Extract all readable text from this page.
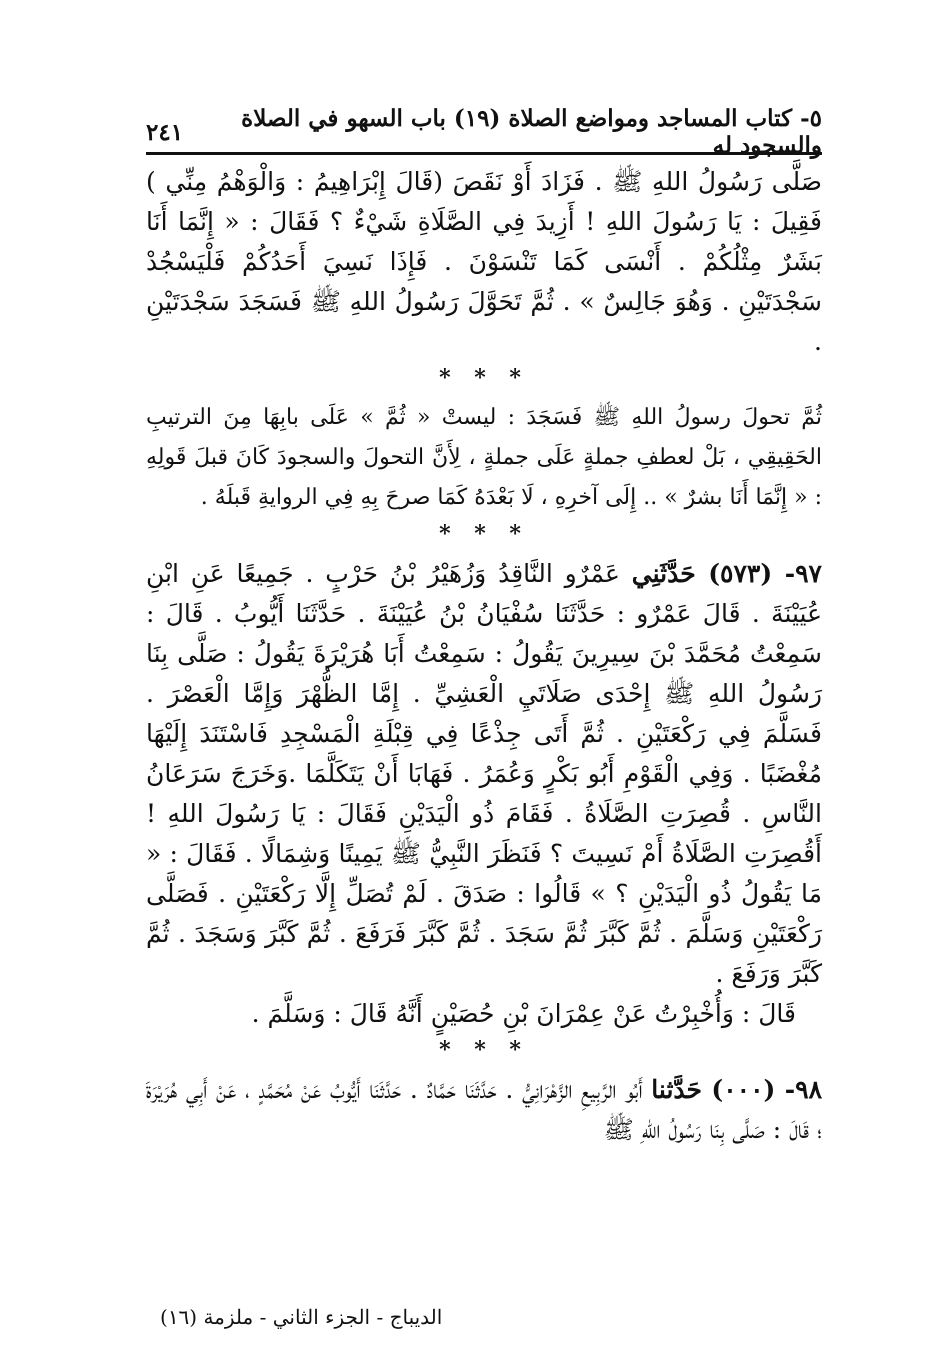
٥- كتاب المساجد ومواضع الصلاة (١٩) باب السهو في الصلاة والسجود له
٢٤١

صَلَّى رَسُولُ اللهِ ﷺ . فَزَادَ أَوْ نَقَصَ (قَالَ إِبْرَاهِيمُ : وَالْوَهْمُ مِنِّي ) فَقِيلَ : يَا رَسُولَ اللهِ ! أَزِيدَ فِي الصَّلَاةِ شَيْءٌ ؟ فَقَالَ : « إِنَّمَا أَنَا بَشَرٌ مِثْلُكُمْ . أَنْسَى كَمَا تَنْسَوْنَ . فَإِذَا نَسِيَ أَحَدُكُمْ فَلْيَسْجُدْ سَجْدَتَيْنِ . وَهُوَ جَالِسٌ » . ثُمَّ تَحَوَّلَ رَسُولُ اللهِ ﷺ فَسَجَدَ سَجْدَتَيْنِ .

* * *

ثُمَّ تحولَ رسولُ اللهِ ﷺ فَسَجَدَ : ليستْ « ثُمَّ » عَلَى بابِهَا مِنَ الترتيبِ الحَقِيقِي ، بَلْ لعطفِ جملةٍ عَلَى جملةٍ ، لِأَنَّ التحولَ والسجودَ كَانَ قبلَ قَولِهِ : « إِنَّمَا أَنَا بشرٌ » .. إِلَى آخرِهِ ، لَا بَعْدَهُ كَمَا صرحَ بِهِ فِي الروايةِ قَبلَهُ .

* * *

٩٧- (٥٧٣) حَدَّثَنِي عَمْرٌو النَّاقِدُ وَزُهَيْرُ بْنُ حَرْبٍ . جَمِيعًا عَنِ ابْنِ عُيَيْنَةَ . قَالَ عَمْرٌو : حَدَّثَنَا سُفْيَانُ بْنُ عُيَيْنَةَ . حَدَّثَنَا أَيُّوبُ . قَالَ : سَمِعْتُ مُحَمَّدَ بْنَ سِيرِينَ يَقُولُ : سَمِعْتُ أَبَا هُرَيْرَةَ يَقُولُ : صَلَّى بِنَا رَسُولُ اللهِ ﷺ إِحْدَى صَلَاتَيِ الْعَشِيِّ . إِمَّا الظُّهْرَ وَإِمَّا الْعَصْرَ . فَسَلَّمَ فِي رَكْعَتَيْنِ . ثُمَّ أَتَى جِذْعًا فِي قِبْلَةِ الْمَسْجِدِ فَاسْتَنَدَ إِلَيْهَا مُغْضَبًا . وَفِي الْقَوْمِ أَبُو بَكْرٍ وَعُمَرُ . فَهَابَا أَنْ يَتَكَلَّمَا .وَخَرَجَ سَرَعَانُ النَّاسِ . قُصِرَتِ الصَّلَاةُ . فَقَامَ ذُو الْيَدَيْنِ فَقَالَ : يَا رَسُولَ اللهِ ! أَقُصِرَتِ الصَّلَاةُ أَمْ نَسِيتَ ؟ فَنَظَرَ النَّبِيُّ ﷺ يَمِينًا وَشِمَالًا . فَقَالَ : « مَا يَقُولُ ذُو الْيَدَيْنِ ؟ » قَالُوا : صَدَقَ . لَمْ تُصَلِّ إِلَّا رَكْعَتَيْنِ . فَصَلَّى رَكْعَتَيْنِ وَسَلَّمَ . ثُمَّ كَبَّرَ ثُمَّ سَجَدَ . ثُمَّ كَبَّرَ فَرَفَعَ . ثُمَّ كَبَّرَ وَسَجَدَ . ثُمَّ كَبَّرَ وَرَفَعَ .

قَالَ : وَأُخْبِرْتُ عَنْ عِمْرَانَ بْنِ حُصَيْنٍ أَنَّهُ قَالَ : وَسَلَّمَ .

* * *

٩٨- (٠٠٠) حَدَّثنا أَبُو الرَّبِيعِ الزَّهْرَانِيُّ . حَدَّثَنَا حَمَّادٌ . حَدَّثَنَا أَيُّوبُ عَنْ مُحَمَّدٍ ، عَنْ أَبِي هُرَيْرَةَ ؛ قَالَ : صَلَّى بِنَا رَسُولُ اللهِ ﷺ

الديباج - الجزء الثاني - ملزمة (١٦)
